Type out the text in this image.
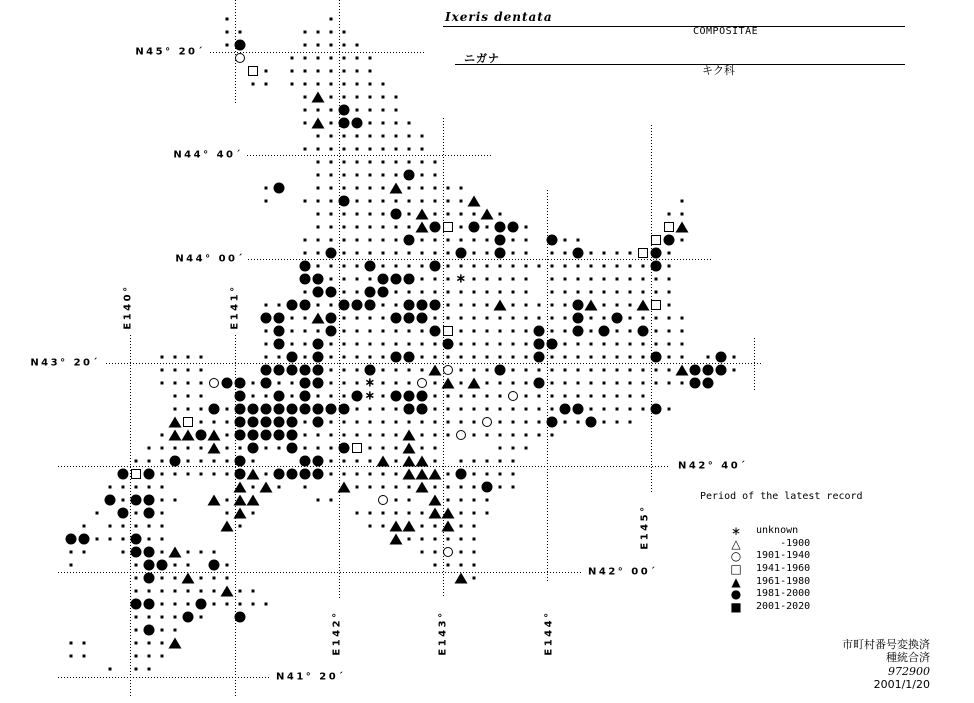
∗
∗
∗
N45° 20´
N44° 40´
N44° 00´
N43° 20´
N42° 40´
N42° 00´
N41° 20´
E140°	E141°
E142°	E143°	E144°
E145°
Ixeris dentata
COMPOSITAE
ニガナ
キク科
Period of the latest record
∗ unknown
△    -1900
○ 1901-1940
□ 1941-1960
▲ 1961-1980
● 1981-2000
■ 2001-2020
市町村番号変換済
種統合済
972900
2001/1/20
